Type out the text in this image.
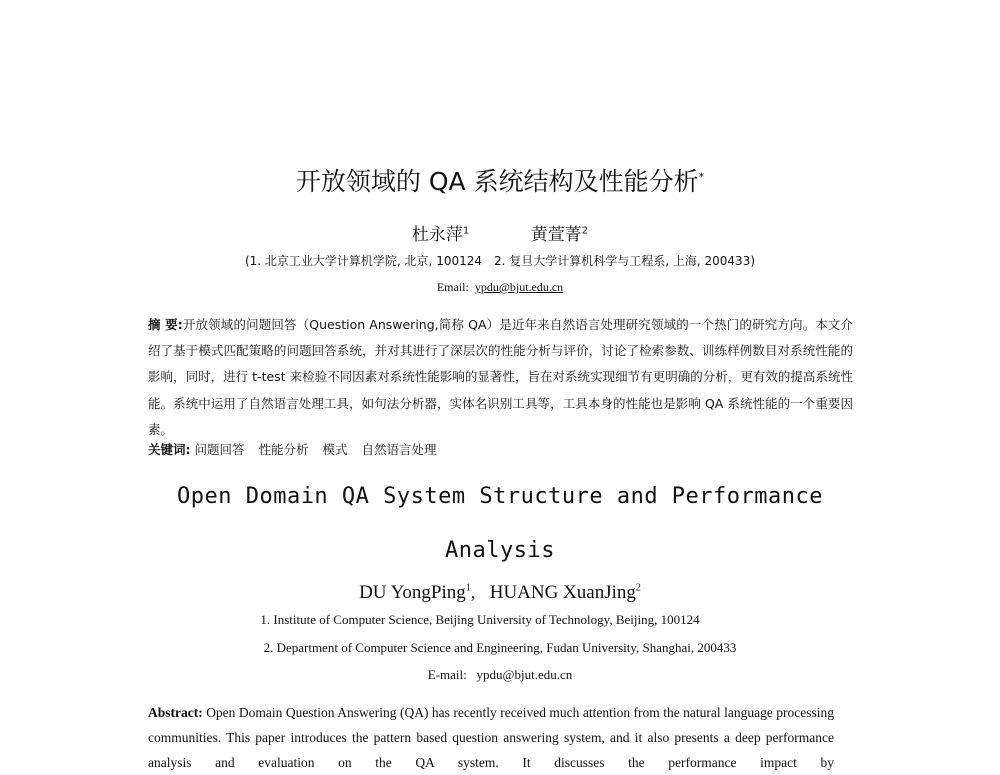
开放领域的 QA 系统结构及性能分析*
杜永萍$^1$	黄萱菁$^2$
(1. 北京工业大学计算机学院, 北京, 100124　2. 复旦大学计算机科学与工程系, 上海, 200433)
Email: ypdu@bjut.edu.cn
摘 要:开放领域的问题回答（Question Answering,简称 QA）是近年来自然语言处理研究领域的一个热门的研究方向。本文介绍了基于模式匹配策略的问题回答系统，并对其进行了深层次的性能分析与评价，讨论了检索参数、训练样例数目对系统性能的影响，同时，进行 t-test 来检验不同因素对系统性能影响的显著性，旨在对系统实现细节有更明确的分析，更有效的提高系统性能。系统中运用了自然语言处理工具，如句法分析器，实体名识别工具等，工具本身的性能也是影响 QA 系统性能的一个重要因素。
关键词: 问题回答 性能分析 模式 自然语言处理
Open Domain QA System Structure and Performance
Analysis
DU YongPing$^1$,   HUANG XuanJing$^2$
1. Institute of Computer Science, Beijing University of Technology, Beijing, 100124
2. Department of Computer Science and Engineering, Fudan University, Shanghai, 200433
E-mail: ypdu@bjut.edu.cn
Abstract: Open Domain Question Answering (QA) has recently received much attention from the natural language processing communities. This paper introduces the pattern based question answering system, and it also presents a deep performance analysis and evaluation on the QA system. It discusses the performance impact by
